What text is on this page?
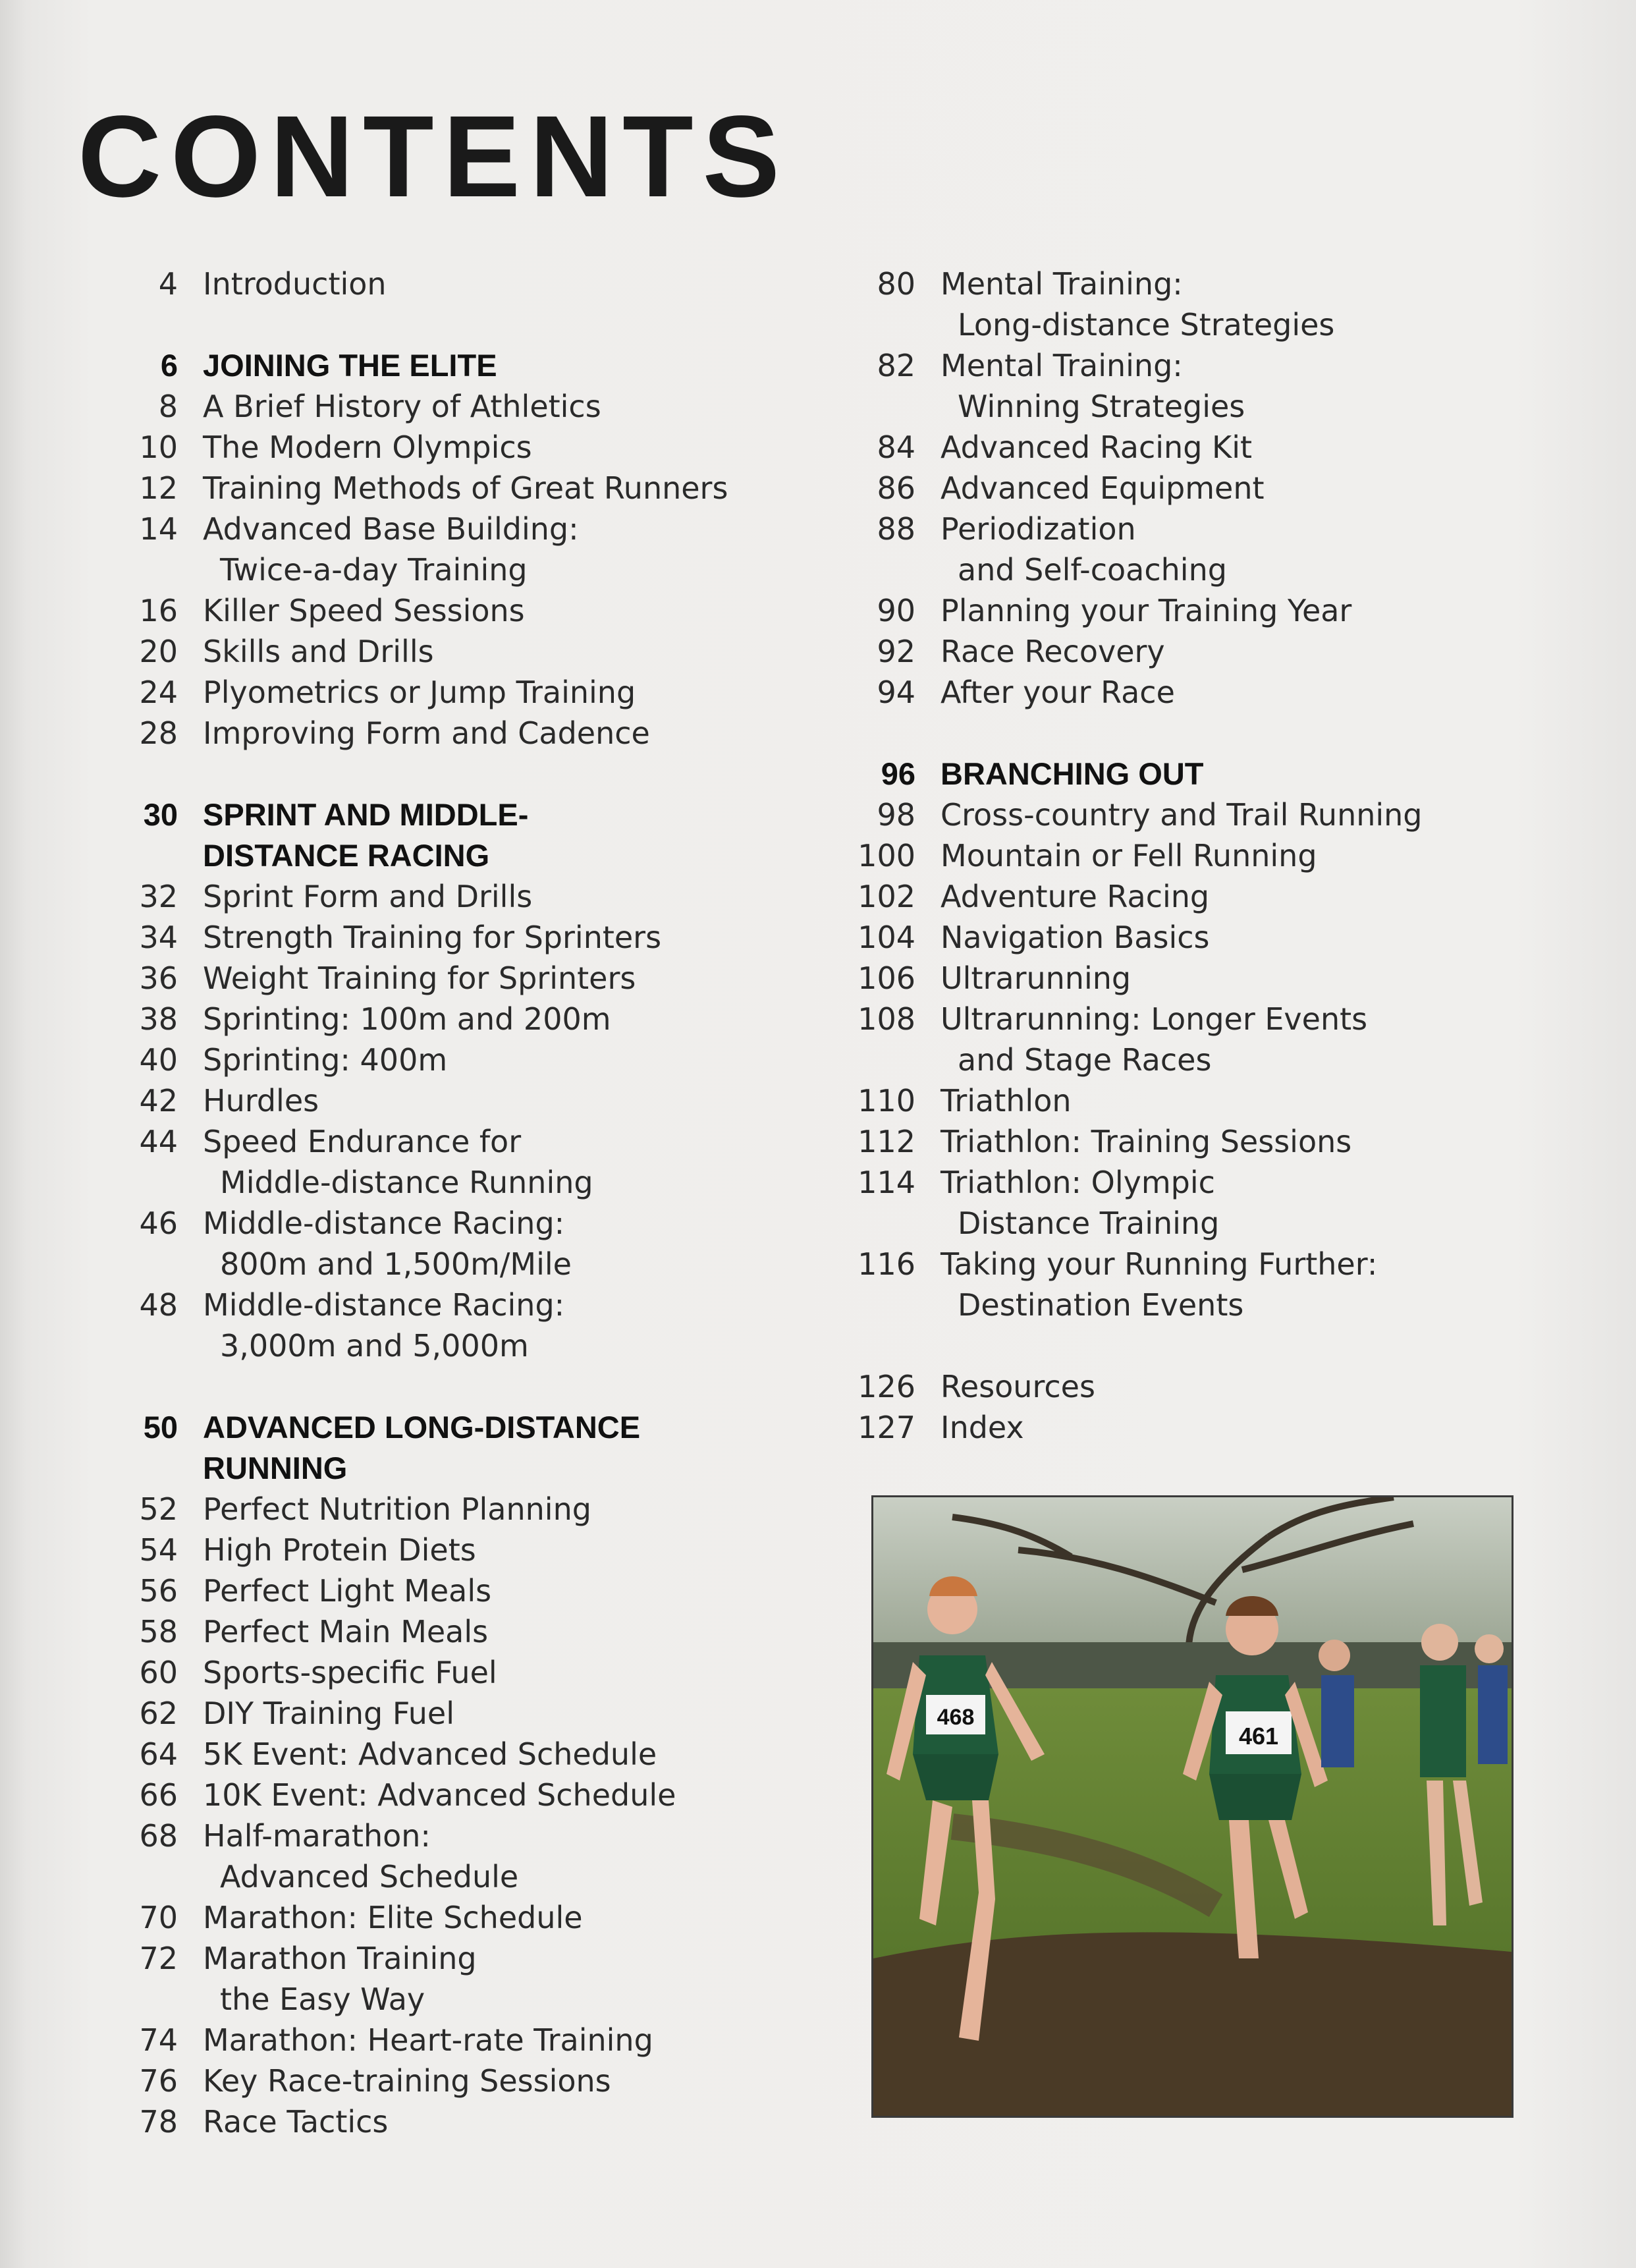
CONTENTS
4 Introduction
6 JOINING THE ELITE
8 A Brief History of Athletics
10 The Modern Olympics
12 Training Methods of Great Runners
14 Advanced Base Building:
Twice-a-day Training
16 Killer Speed Sessions
20 Skills and Drills
24 Plyometrics or Jump Training
28 Improving Form and Cadence
30 SPRINT AND MIDDLE-
DISTANCE RACING
32 Sprint Form and Drills
34 Strength Training for Sprinters
36 Weight Training for Sprinters
38 Sprinting: 100m and 200m
40 Sprinting: 400m
42 Hurdles
44 Speed Endurance for
Middle-distance Running
46 Middle-distance Racing:
800m and 1,500m/Mile
48 Middle-distance Racing:
3,000m and 5,000m
50 ADVANCED LONG-DISTANCE
RUNNING
52 Perfect Nutrition Planning
54 High Protein Diets
56 Perfect Light Meals
58 Perfect Main Meals
60 Sports-specific Fuel
62 DIY Training Fuel
64 5K Event: Advanced Schedule
66 10K Event: Advanced Schedule
68 Half-marathon:
Advanced Schedule
70 Marathon: Elite Schedule
72 Marathon Training
the Easy Way
74 Marathon: Heart-rate Training
76 Key Race-training Sessions
78 Race Tactics
80 Mental Training:
Long-distance Strategies
82 Mental Training:
Winning Strategies
84 Advanced Racing Kit
86 Advanced Equipment
88 Periodization
and Self-coaching
90 Planning your Training Year
92 Race Recovery
94 After your Race
96 BRANCHING OUT
98 Cross-country and Trail Running
100 Mountain or Fell Running
102 Adventure Racing
104 Navigation Basics
106 Ultrarunning
108 Ultrarunning: Longer Events
and Stage Races
110 Triathlon
112 Triathlon: Training Sessions
114 Triathlon: Olympic
Distance Training
116 Taking your Running Further:
Destination Events
126 Resources
127 Index
468
461
